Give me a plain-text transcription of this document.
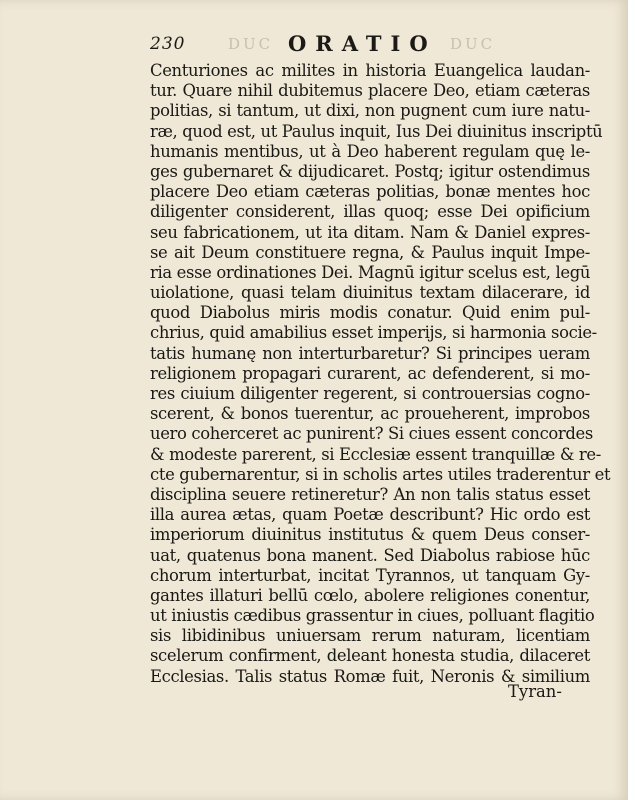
230	DUC ORATIO DUC
Centuriones ac milites in historia Euangelica laudan-
tur. Quare nihil dubitemus placere Deo, etiam cæteras
politias, si tantum, ut dixi, non pugnent cum iure natu-
ræ, quod est, ut Paulus inquit, Ius Dei diuinitus inscriptū
humanis mentibus, ut à Deo haberent regulam quę le-
ges gubernaret & dijudicaret. Postq; igitur ostendimus
placere Deo etiam cæteras politias, bonæ mentes hoc
diligenter considerent, illas quoq; esse Dei opificium
seu fabricationem, ut ita ditam. Nam & Daniel expres-
se ait Deum constituere regna, & Paulus inquit Impe-
ria esse ordinationes Dei. Magnū igitur scelus est, legū
uiolatione, quasi telam diuinitus textam dilacerare, id
quod Diabolus miris modis conatur. Quid enim pul-
chrius, quid amabilius esset imperijs, si harmonia socie-
tatis humanę non interturbaretur? Si principes ueram
religionem propagari curarent, ac defenderent, si mo-
res ciuium diligenter regerent, si controuersias cogno-
scerent, & bonos tuerentur, ac proueherent, improbos
uero coherceret ac punirent? Si ciues essent concordes
& modeste parerent, si Ecclesiæ essent tranquillæ & re-
cte gubernarentur, si in scholis artes utiles traderentur et
disciplina seuere retineretur? An non talis status esset
illa aurea ætas, quam Poetæ describunt? Hic ordo est
imperiorum diuinitus institutus & quem Deus conser-
uat, quatenus bona manent. Sed Diabolus rabiose hūc
chorum interturbat, incitat Tyrannos, ut tanquam Gy-
gantes illaturi bellū cœlo, abolere religiones conentur,
ut iniustis cædibus grassentur in ciues, polluant flagitio
sis libidinibus uniuersam rerum naturam, licentiam
scelerum confirment, deleant honesta studia, dilaceret
Ecclesias. Talis status Romæ fuit, Neronis & similium
Tyran-
